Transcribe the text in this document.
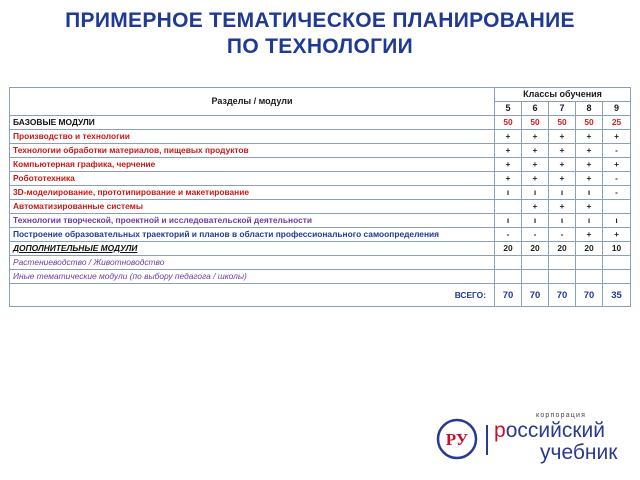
ПРИМЕРНОЕ ТЕМАТИЧЕСКОЕ ПЛАНИРОВАНИЕ
ПО ТЕХНОЛОГИИ
Разделы / модули	Классы обучения				
	5	6	7	8	9
БАЗОВЫЕ МОДУЛИ	50	50	50	50	25
Производство и технологии	+	+	+	+	+
Технологии обработки материалов, пищевых продуктов	+	+	+	+	-
Компьютерная графика, черчение	+	+	+	+	+
Робототехника	+	+	+	+	-
3D-моделирование, прототипирование и макетирование	ı	ı	ı	ı	-
Автоматизированные системы		+	+	+	
Технологии творческой, проектной и исследовательской деятельности	ı	ı	ı	ı	ı
Построение образовательных траекторий и планов в области профессионального самоопределения	-	-	-	+	+
ДОПОЛНИТЕЛЬНЫЕ МОДУЛИ	20	20	20	20	10
Растениеводство / Животноводство					
Иные тематические модули (по выбору педагога / школы)					
ВСЕГО:	70	70	70	70	35
РУ
корпорация
российский
учебник
